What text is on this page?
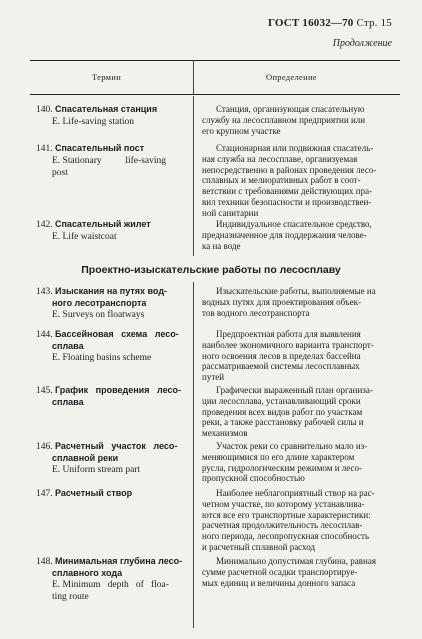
ГОСТ 16032—70 Стр. 15
Продолжение
Термин	Определение
Проектно-изыскательские работы по лесосплаву
140. Спасательная станция
E. Life-saving station
Станция, организующая спасательную
службу на лесосплавном предприятии или
его крупном участке
141. Спасательный пост
E. Stationary          life-saving
post
Стационарная или подвижная спасатель-
ная служба на лесосплаве, организуемая
непосредственно в районах проведения лесо-
сплавных и мелиоративных работ в соот-
ветствии с требованиями действующих пра-
вил техники безопасности и производствен-
ной санитарии
142. Спасательный жилет
E. Life waistcoat
Индивидуальное спасательное средство,
предназначенное для поддержания челове-
ка на воде
143. Изыскания на путях вод-
ного лесотранспорта
E. Surveys on floatways
Изыскательские работы, выполняемые на
водных путях для проектирования объек-
тов водного лесотранспорта
144. Бассейновая   схема   лесо-
сплава
E. Floating basins scheme
Предпроектная работа для выявления
наиболее экономичного варианта транспорт-
ного освоения лесов в пределах бассейна
рассматриваемой системы лесосплавных
путей
145. График   проведения   лесо-
сплава
Графически выраженный план организа-
ции лесосплава, устанавливающий сроки
проведения всех видов работ по участкам
реки, а также расстановку рабочей силы и
механизмов
146. Расчетный   участок   лесо-
сплавной реки
E. Uniform stream part
Участок реки со сравнительно мало из-
меняющимися по его длине характером
русла, гидрологическим режимом и лесо-
пропускной способностью
147. Расчетный створ	Наиболее неблагоприятный створ на рас-
четном участке, по которому устанавлива-
ются все его транспортные характеристики:
расчетная продолжительность лесосплав-
ного периода, лесопропускная способность
и расчетный сплавной расход
148. Минимальная глубина лесо-
сплавного хода
E. Minimum   depth   of   floa-
ting route
Минимально допустимая глубина, равная
сумме расчетной осадки транспортируе-
мых единиц и величины донного запаса
